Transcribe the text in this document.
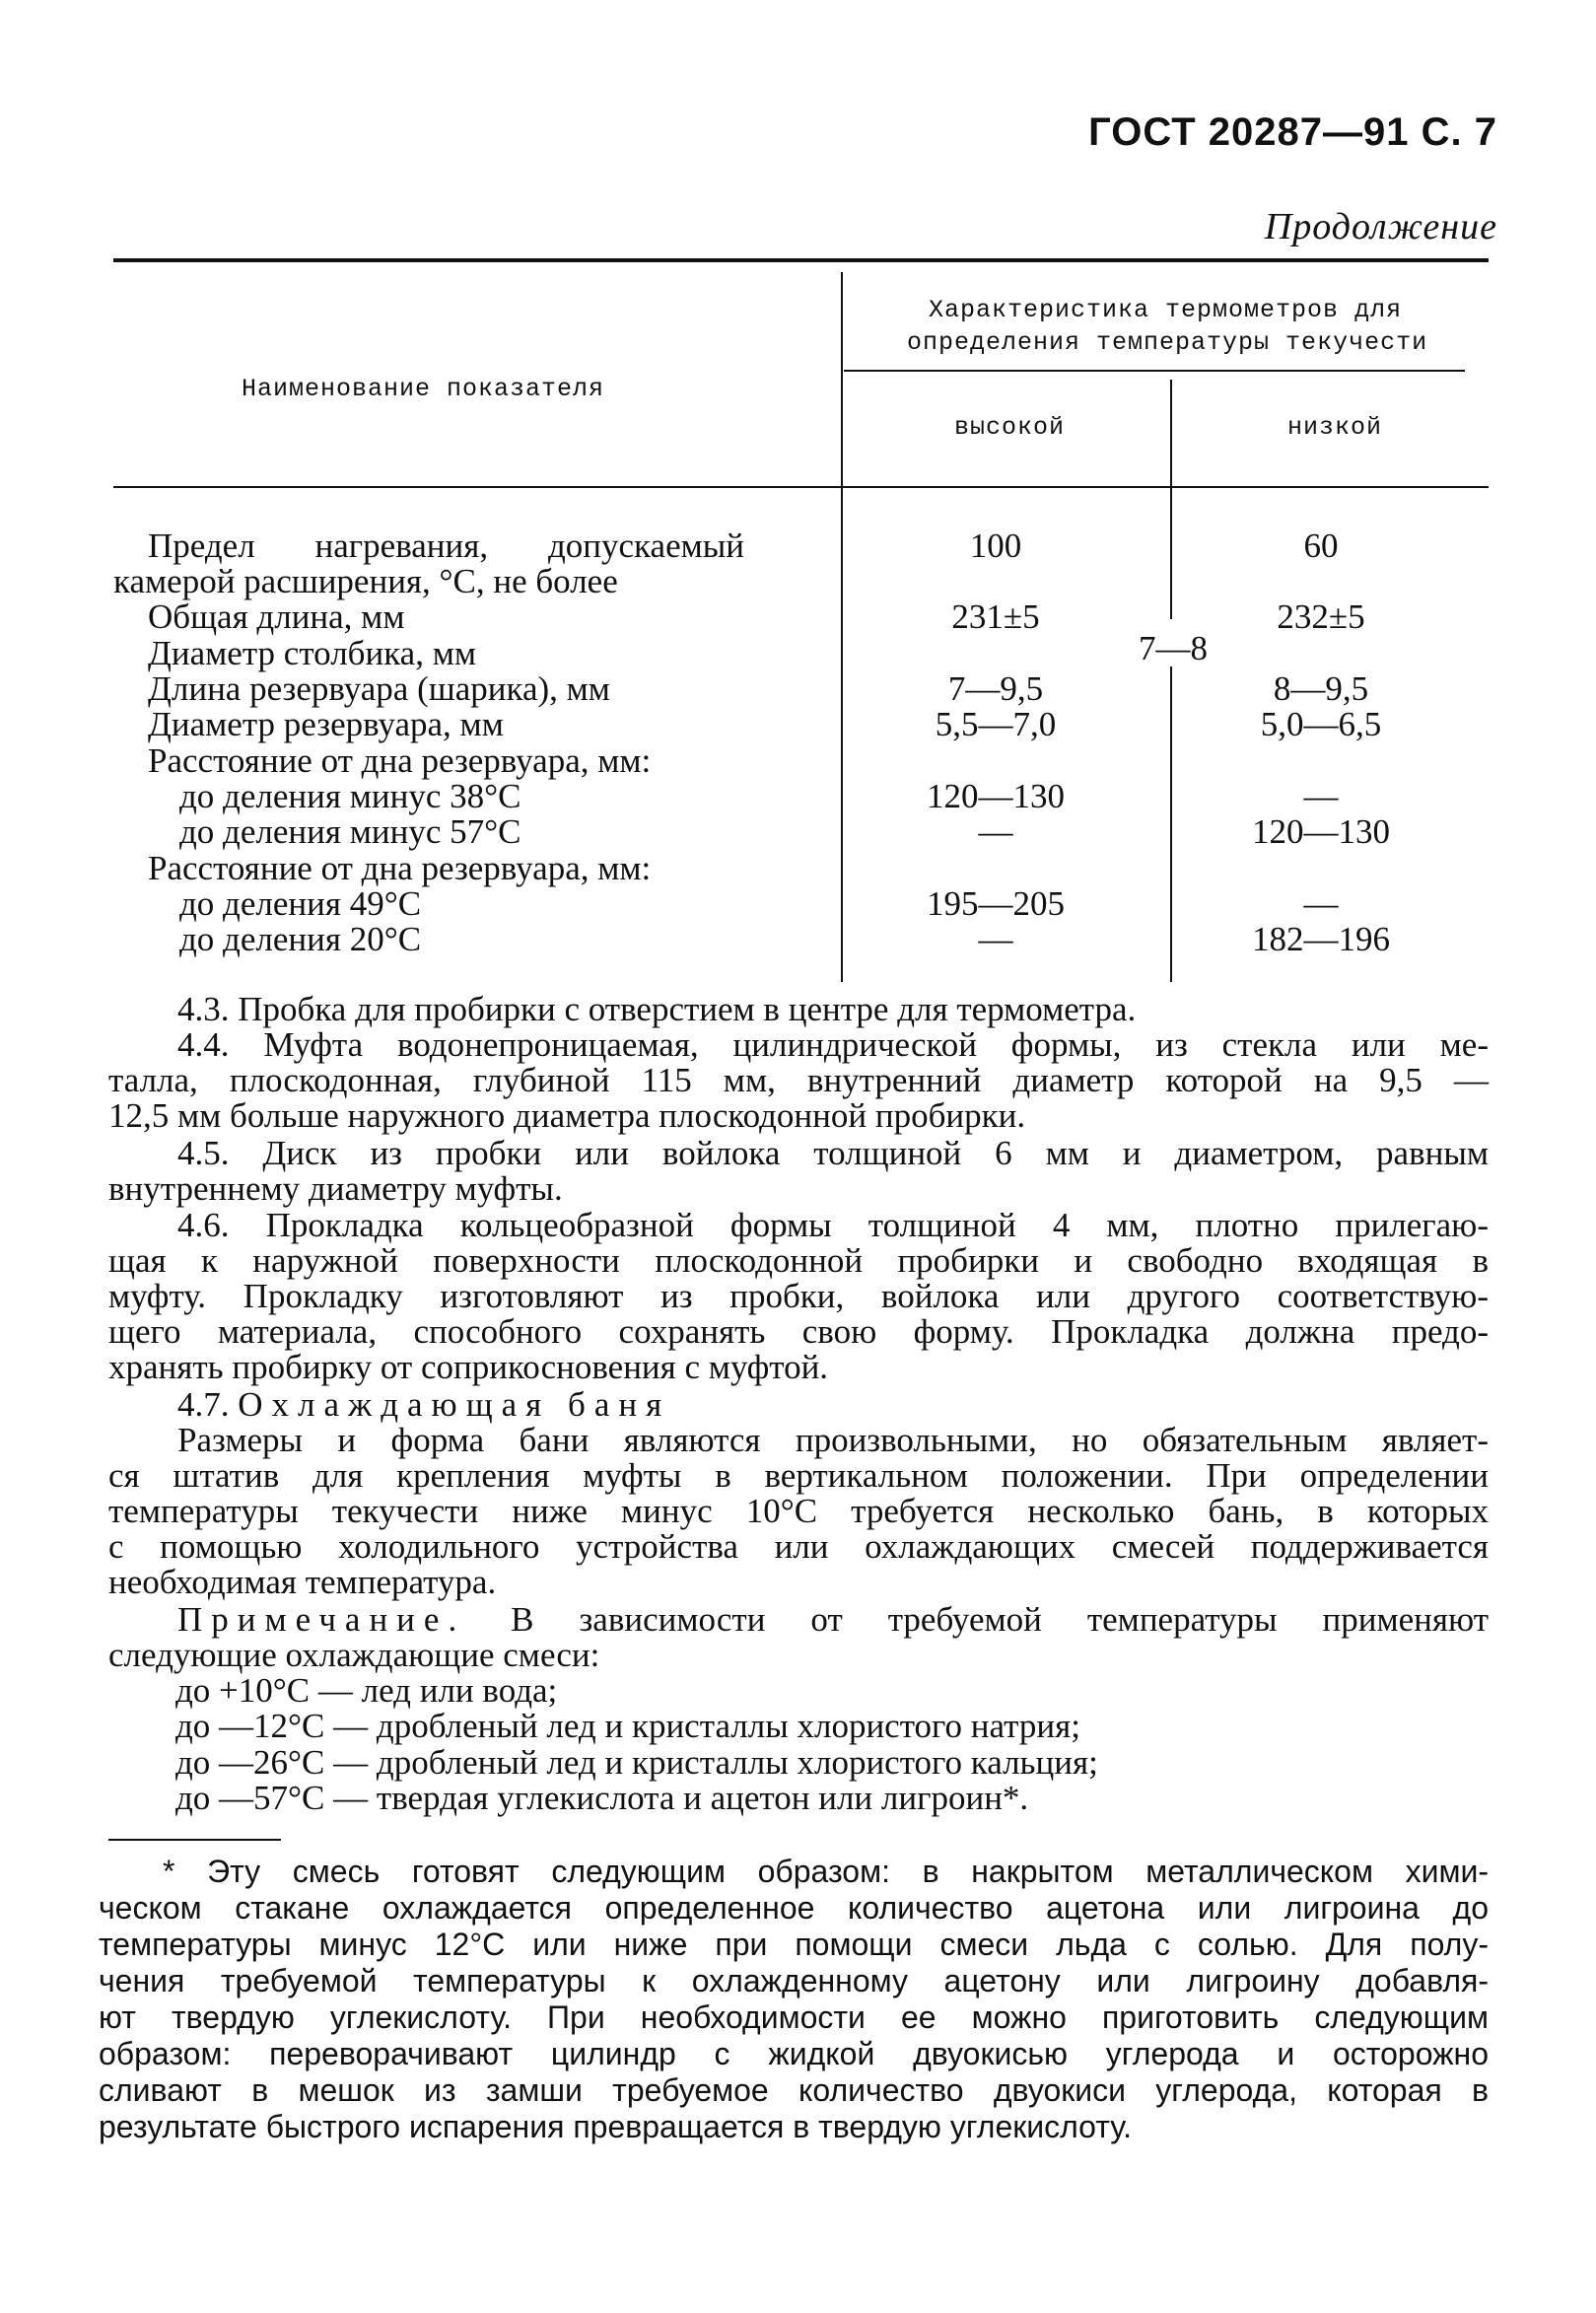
ГОСТ 20287—91 С. 7
Продолжение
Наименование показателя
Характеристика термометров для
определения температуры текучести
высокой	низкой
Предел нагревания, допускаемый
камерой расширения, °С, не более
Общая длина, мм
Диаметр столбика, мм
Длина резервуара (шарика), мм
Диаметр резервуара, мм
Расстояние от дна резервуара, мм:
до деления минус 38°С
до деления минус 57°С
Расстояние от дна резервуара, мм:
до деления 49°С
до деления 20°С
100
231±5
7—9,5
5,5—7,0
120—130
—
195—205
—
60
232±5
8—9,5
5,0—6,5
—
120—130
—
182—196
7—8
4.3. Пробка для пробирки с отверстием в центре для термометра.
4.4. Муфта водонепроницаемая, цилиндрической формы, из стекла или ме-
талла, плоскодонная, глубиной 115 мм, внутренний диаметр которой на 9,5 —
12,5 мм больше наружного диаметра плоскодонной пробирки.
4.5. Диск из пробки или войлока толщиной 6 мм и диаметром, равным
внутреннему диаметру муфты.
4.6. Прокладка кольцеобразной формы толщиной 4 мм, плотно прилегаю-
щая к наружной поверхности плоскодонной пробирки и свободно входящая в
муфту. Прокладку изготовляют из пробки, войлока или другого соответствую-
щего материала, способного сохранять свою форму. Прокладка должна предо-
хранять пробирку от соприкосновения с муфтой.
4.7. Охлаждающая баня
Размеры и форма бани являются произвольными, но обязательным являет-
ся штатив для крепления муфты в вертикальном положении. При определении
температуры текучести ниже минус 10°С требуется несколько бань, в которых
с помощью холодильного устройства или охлаждающих смесей поддерживается
необходимая температура.
Примечание. В зависимости от требуемой температуры применяют
следующие охлаждающие смеси:
до +10°С — лед или вода;
до —12°С — дробленый лед и кристаллы хлористого натрия;
до —26°С — дробленый лед и кристаллы хлористого кальция;
до —57°С — твердая углекислота и ацетон или лигроин*.
* Эту смесь готовят следующим образом: в накрытом металлическом хими-
ческом стакане охлаждается определенное количество ацетона или лигроина до
температуры минус 12°С или ниже при помощи смеси льда с солью. Для полу-
чения требуемой температуры к охлажденному ацетону или лигроину добавля-
ют твердую углекислоту. При необходимости ее можно приготовить следующим
образом: переворачивают цилиндр с жидкой двуокисью углерода и осторожно
сливают в мешок из замши требуемое количество двуокиси углерода, которая в
результате быстрого испарения превращается в твердую углекислоту.
